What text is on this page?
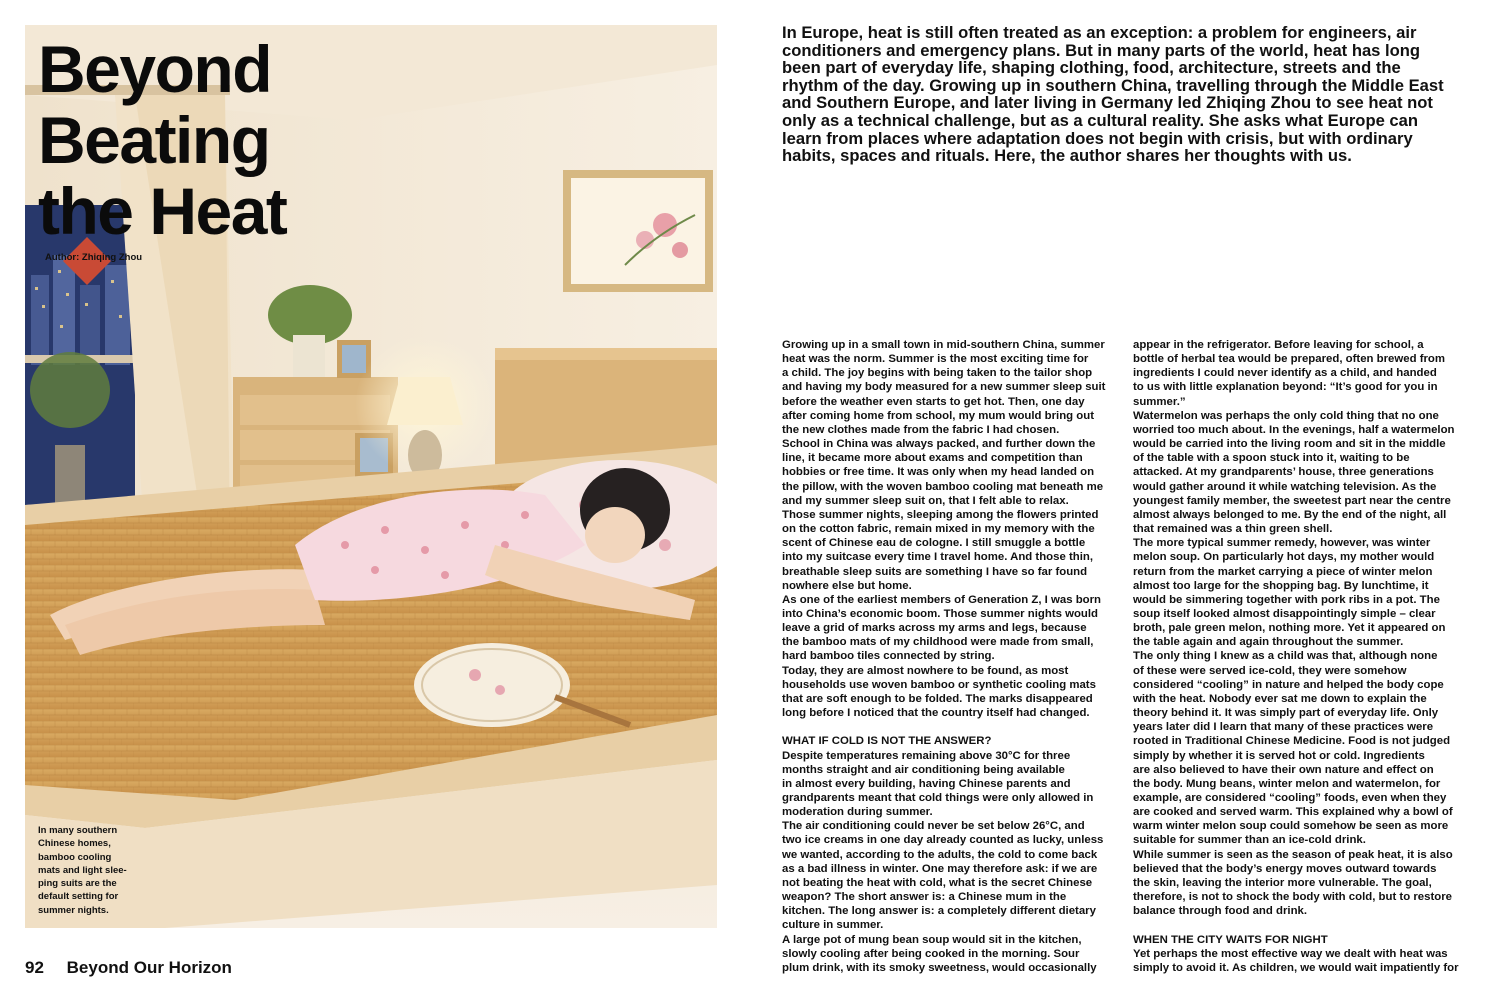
Beyond
Beating
the Heat
Author: Zhiqing Zhou
In many southern
Chinese homes,
bamboo cooling
mats and light slee-
ping suits are the
default setting for
summer nights.
92 Beyond Our Horizon
In Europe, heat is still often treated as an exception: a problem for engineers, air
conditioners and emergency plans. But in many parts of the world, heat has long
been part of everyday life, shaping clothing, food, architecture, streets and the
rhythm of the day. Growing up in southern China, travelling through the Middle East
and Southern Europe, and later living in Germany led Zhiqing Zhou to see heat not
only as a technical challenge, but as a cultural reality. She asks what Europe can
learn from places where adaptation does not begin with crisis, but with ordinary
habits, spaces and rituals. Here, the author shares her thoughts with us.
Growing up in a small town in mid-southern China, summer
heat was the norm. Summer is the most exciting time for
a child. The joy begins with being taken to the tailor shop
and having my body measured for a new summer sleep suit
before the weather even starts to get hot. Then, one day
after coming home from school, my mum would bring out
the new clothes made from the fabric I had chosen.
School in China was always packed, and further down the
line, it became more about exams and competition than
hobbies or free time. It was only when my head landed on
the pillow, with the woven bamboo cooling mat beneath me
and my summer sleep suit on, that I felt able to relax.
Those summer nights, sleeping among the flowers printed
on the cotton fabric, remain mixed in my memory with the
scent of Chinese eau de cologne. I still smuggle a bottle
into my suitcase every time I travel home. And those thin,
breathable sleep suits are something I have so far found
nowhere else but home.
As one of the earliest members of Generation Z, I was born
into China’s economic boom. Those summer nights would
leave a grid of marks across my arms and legs, because
the bamboo mats of my childhood were made from small,
hard bamboo tiles connected by string.
Today, they are almost nowhere to be found, as most
households use woven bamboo or synthetic cooling mats
that are soft enough to be folded. The marks disappeared
long before I noticed that the country itself had changed.
WHAT IF COLD IS NOT THE ANSWER?
Despite temperatures remaining above 30°C for three
months straight and air conditioning being available
in almost every building, having Chinese parents and
grandparents meant that cold things were only allowed in
moderation during summer.
The air conditioning could never be set below 26°C, and
two ice creams in one day already counted as lucky, unless
we wanted, according to the adults, the cold to come back
as a bad illness in winter. One may therefore ask: if we are
not beating the heat with cold, what is the secret Chinese
weapon? The short answer is: a Chinese mum in the
kitchen. The long answer is: a completely different dietary
culture in summer.
A large pot of mung bean soup would sit in the kitchen,
slowly cooling after being cooked in the morning. Sour
plum drink, with its smoky sweetness, would occasionally
appear in the refrigerator. Before leaving for school, a
bottle of herbal tea would be prepared, often brewed from
ingredients I could never identify as a child, and handed
to us with little explanation beyond: “It’s good for you in
summer.”
Watermelon was perhaps the only cold thing that no one
worried too much about. In the evenings, half a watermelon
would be carried into the living room and sit in the middle
of the table with a spoon stuck into it, waiting to be
attacked. At my grandparents’ house, three generations
would gather around it while watching television. As the
youngest family member, the sweetest part near the centre
almost always belonged to me. By the end of the night, all
that remained was a thin green shell.
The more typical summer remedy, however, was winter
melon soup. On particularly hot days, my mother would
return from the market carrying a piece of winter melon
almost too large for the shopping bag. By lunchtime, it
would be simmering together with pork ribs in a pot. The
soup itself looked almost disappointingly simple – clear
broth, pale green melon, nothing more. Yet it appeared on
the table again and again throughout the summer.
The only thing I knew as a child was that, although none
of these were served ice-cold, they were somehow
considered “cooling” in nature and helped the body cope
with the heat. Nobody ever sat me down to explain the
theory behind it. It was simply part of everyday life. Only
years later did I learn that many of these practices were
rooted in Traditional Chinese Medicine. Food is not judged
simply by whether it is served hot or cold. Ingredients
are also believed to have their own nature and effect on
the body. Mung beans, winter melon and watermelon, for
example, are considered “cooling” foods, even when they
are cooked and served warm. This explained why a bowl of
warm winter melon soup could somehow be seen as more
suitable for summer than an ice-cold drink.
While summer is seen as the season of peak heat, it is also
believed that the body’s energy moves outward towards
the skin, leaving the interior more vulnerable. The goal,
therefore, is not to shock the body with cold, but to restore
balance through food and drink.
WHEN THE CITY WAITS FOR NIGHT
Yet perhaps the most effective way we dealt with heat was
simply to avoid it. As children, we would wait impatiently for
